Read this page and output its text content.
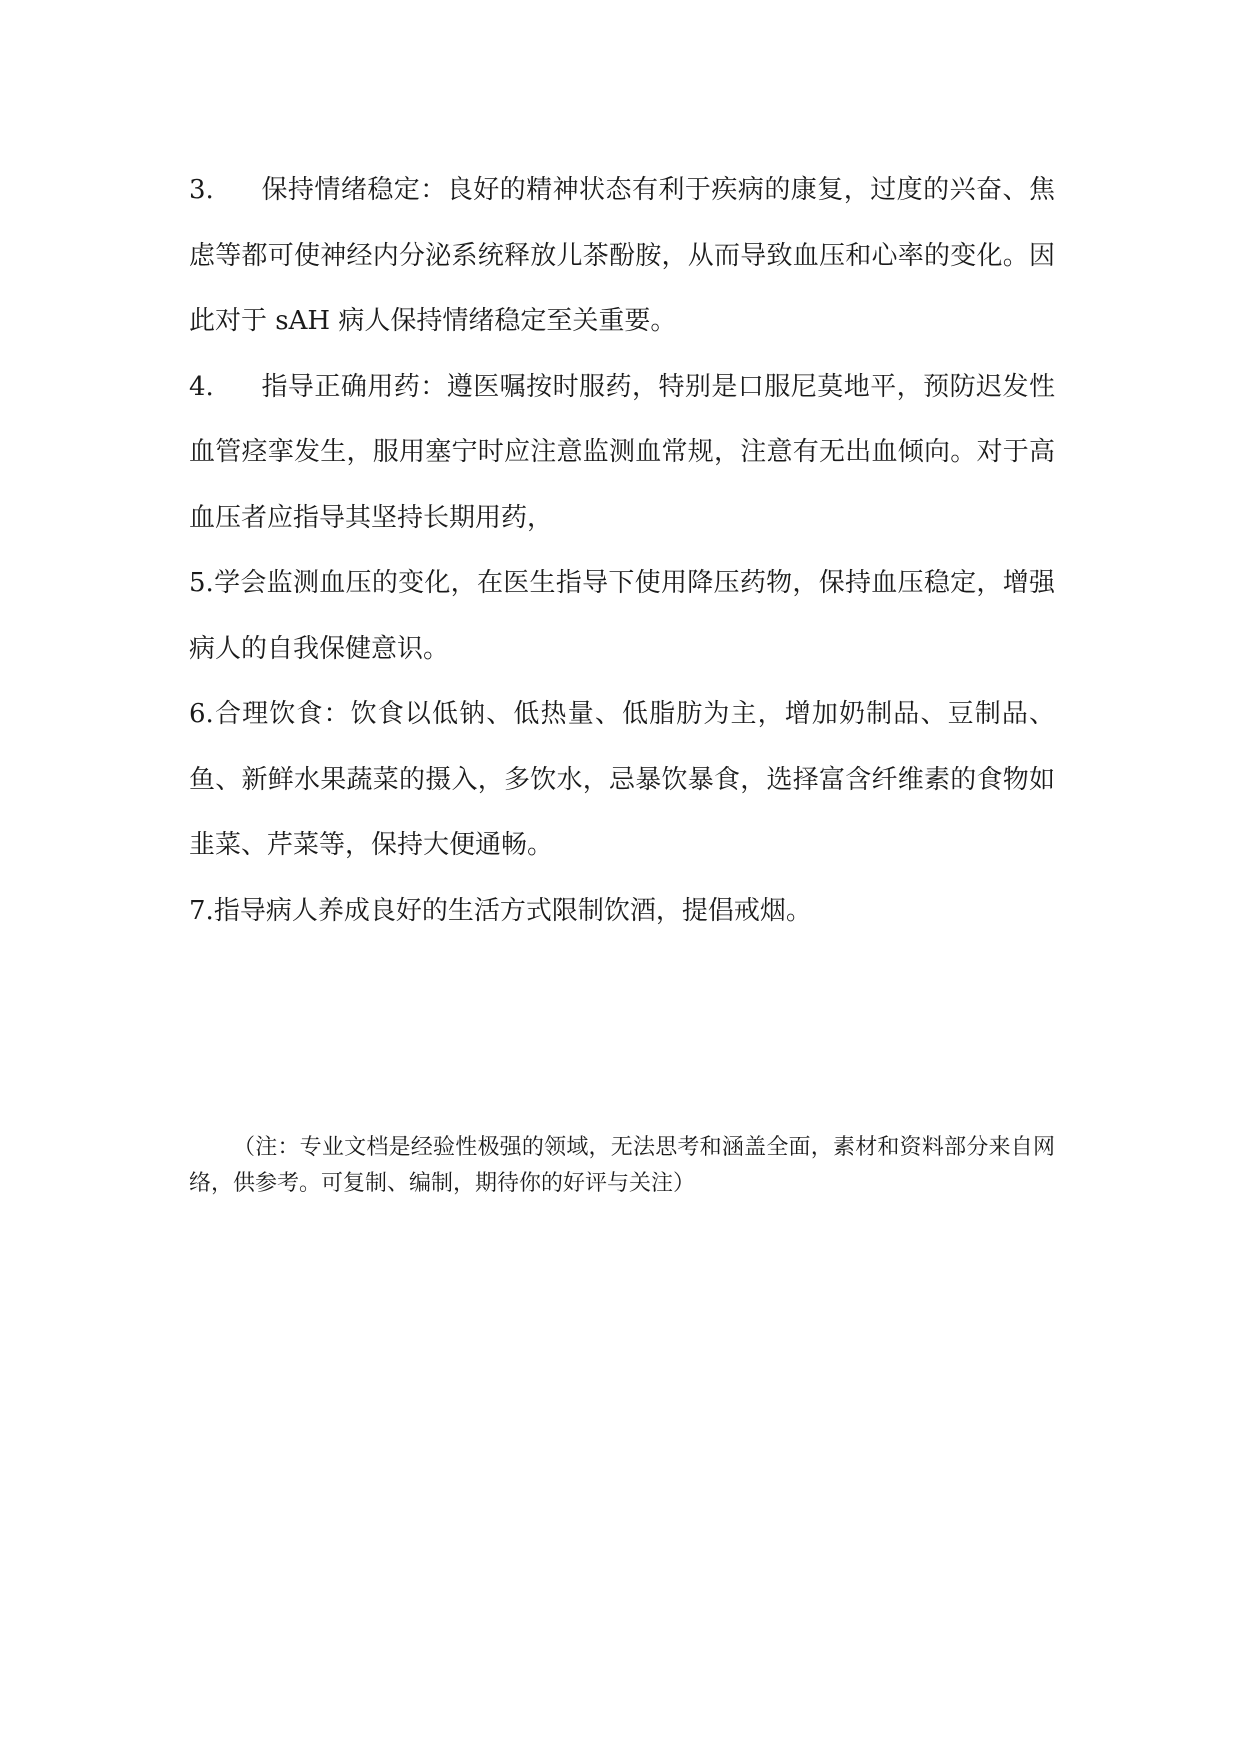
3. 保持情绪稳定：良好的精神状态有利于疾病的康复，过度的兴奋、焦虑等都可使神经内分泌系统释放儿茶酚胺，从而导致血压和心率的变化。因此对于 sAH 病人保持情绪稳定至关重要。

4. 指导正确用药：遵医嘱按时服药，特别是口服尼莫地平，预防迟发性血管痉挛发生，服用塞宁时应注意监测血常规，注意有无出血倾向。对于高血压者应指导其坚持长期用药，

5.学会监测血压的变化，在医生指导下使用降压药物，保持血压稳定，增强病人的自我保健意识。

6.合理饮食：饮食以低钠、低热量、低脂肪为主，增加奶制品、豆制品、鱼、新鲜水果蔬菜的摄入，多饮水，忌暴饮暴食，选择富含纤维素的食物如韭菜、芹菜等，保持大便通畅。

7.指导病人养成良好的生活方式限制饮酒，提倡戒烟。

（注：专业文档是经验性极强的领域，无法思考和涵盖全面，素材和资料部分来自网络，供参考。可复制、编制，期待你的好评与关注）
